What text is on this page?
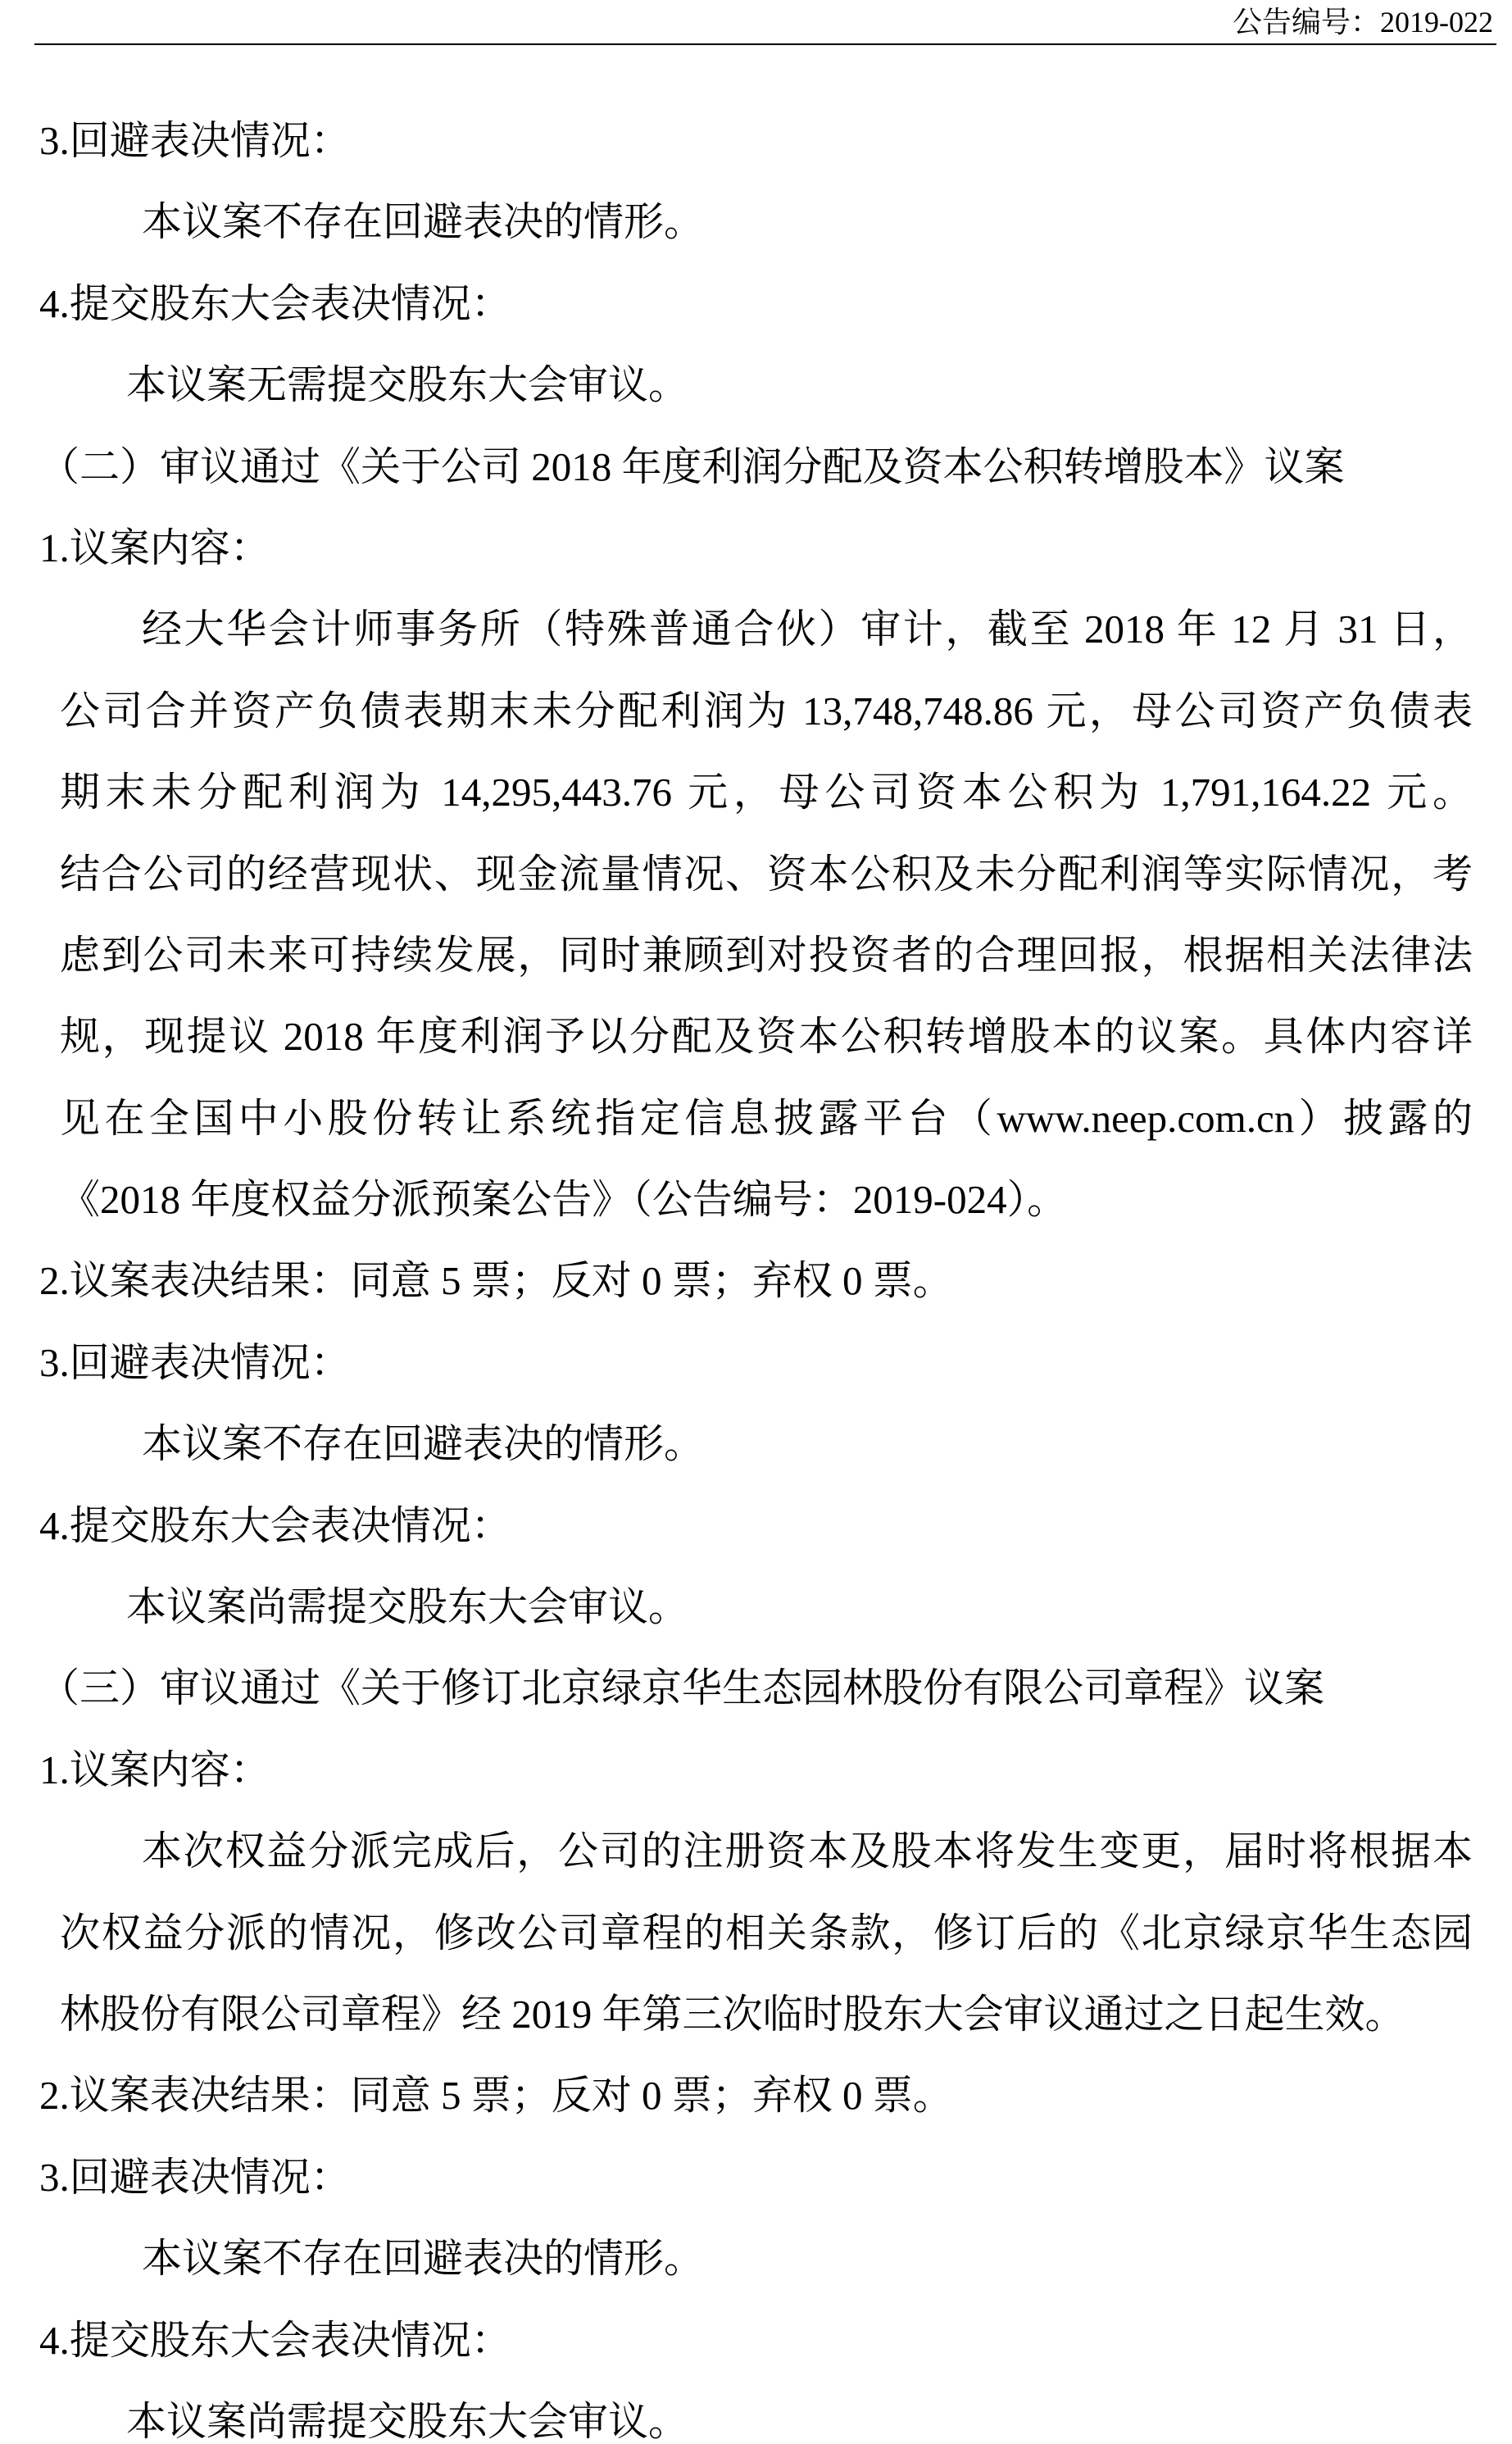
公告编号：2019-022
3.回避表决情况：
本议案不存在回避表决的情形。
4.提交股东大会表决情况：
本议案无需提交股东大会审议。
（二）审议通过《关于公司 2018 年度利润分配及资本公积转增股本》议案
1.议案内容：
经大华会计师事务所（特殊普通合伙）审计，截至 2018 年 12 月 31 日，
公司合并资产负债表期末未分配利润为 13,748,748.86 元，母公司资产负债表
期末未分配利润为 14,295,443.76 元，母公司资本公积为 1,791,164.22 元。
结合公司的经营现状、现金流量情况、资本公积及未分配利润等实际情况，考
虑到公司未来可持续发展，同时兼顾到对投资者的合理回报，根据相关法律法
规，现提议 2018 年度利润予以分配及资本公积转增股本的议案。具体内容详
见在全国中小股份转让系统指定信息披露平台（www.neep.com.cn）披露的
《2018 年度权益分派预案公告》（公告编号：2019-024）。
2.议案表决结果：同意 5 票；反对 0 票；弃权 0 票。
3.回避表决情况：
本议案不存在回避表决的情形。
4.提交股东大会表决情况：
本议案尚需提交股东大会审议。
（三）审议通过《关于修订北京绿京华生态园林股份有限公司章程》议案
1.议案内容：
本次权益分派完成后，公司的注册资本及股本将发生变更，届时将根据本
次权益分派的情况，修改公司章程的相关条款，修订后的《北京绿京华生态园
林股份有限公司章程》经 2019 年第三次临时股东大会审议通过之日起生效。
2.议案表决结果：同意 5 票；反对 0 票；弃权 0 票。
3.回避表决情况：
本议案不存在回避表决的情形。
4.提交股东大会表决情况：
本议案尚需提交股东大会审议。
